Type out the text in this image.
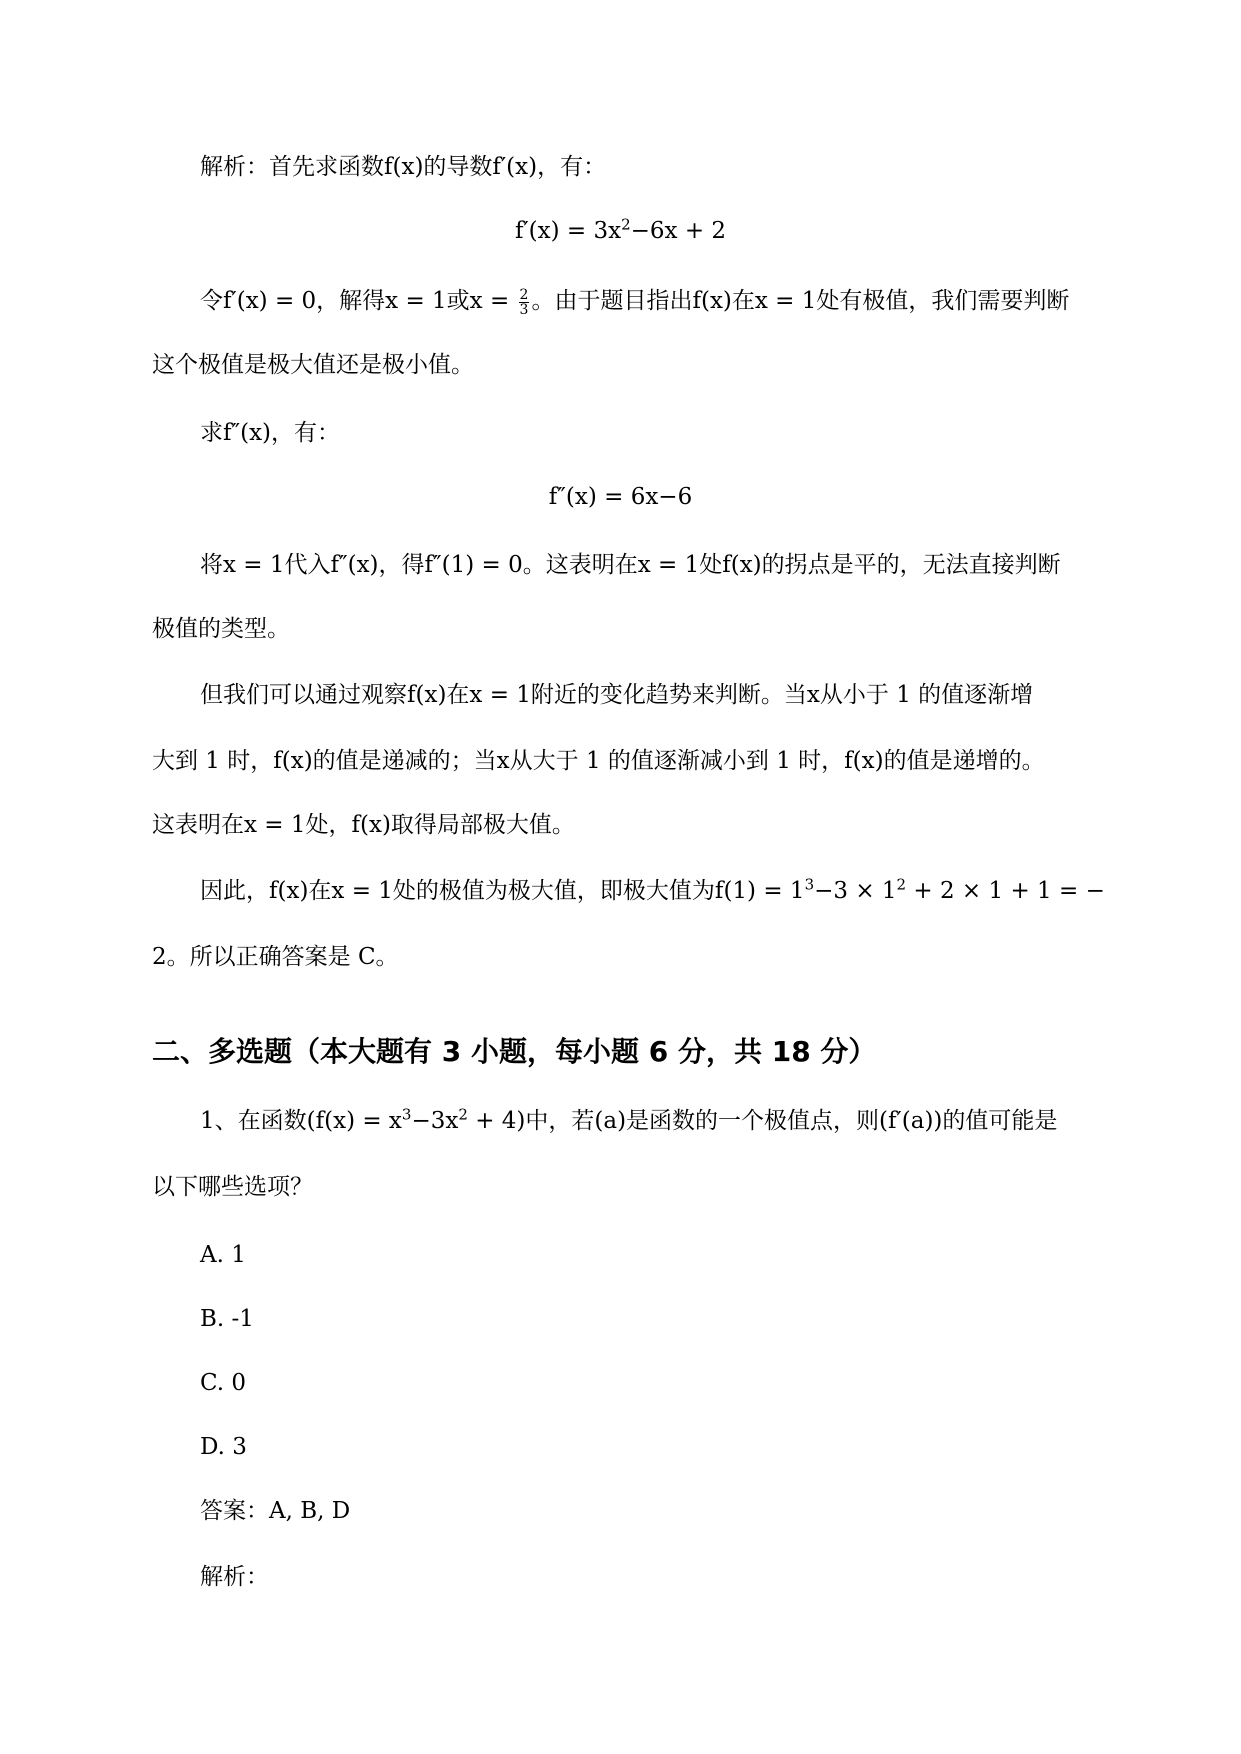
解析：首先求函数f(x)的导数f′(x)，有：
$f'(x) = 3x^2-6x + 2$
令f′(x) = 0，解得x = 1或$x = \frac{2}{3}$ 。由于题目指出f(x)在x = 1处有极值，我们需要判断
这个极值是极大值还是极小值。
求f″(x)，有：
f″(x) = 6x−6
将x = 1代入f″(x)，得f″(1) = 0。这表明在x = 1处f(x)的拐点是平的，无法直接判断
极值的类型。
但我们可以通过观察f(x)在x = 1附近的变化趋势来判断。当x从小于 1 的值逐渐增
大到 1 时，f(x)的值是递减的；当x从大于 1 的值逐渐减小到 1 时，f(x)的值是递增的。
这表明在x = 1处，f(x)取得局部极大值。
因此，f(x)在x = 1处的极值为极大值，即极大值为$f(1) = 1^3-3 \times 1^2 + 2 \times 1 + 1$ = −
2。所以正确答案是 C。
二、多选题（本大题有 3 小题，每小题 6 分，共 18 分）
1、在函数$(f(x) = x^3-3x^2 + 4)$中，若(a)是函数的一个极值点，则(f′(a))的值可能是
以下哪些选项？
A. 1
B. -1
C. 0
D. 3
答案：A, B, D
解析：
